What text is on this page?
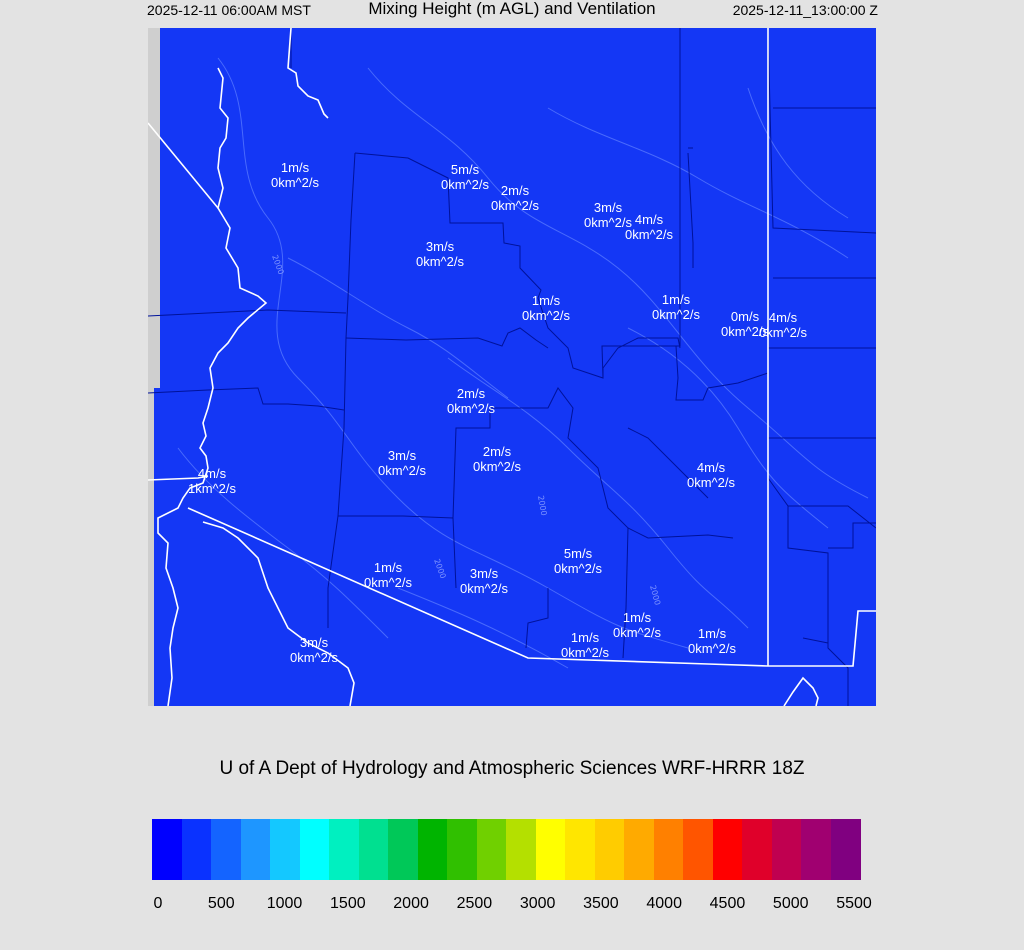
2025-12-11 06:00AM MST	Mixing Height (m AGL) and Ventilation	2025-12-11_13:00:00 Z
2000
2000
2000
2000
1m/s
0km^2/s
5m/s
0km^2/s 2m/s
0km^2/s	3m/s
0km^2/s 4m/s
0km^2/s
3m/s
0km^2/s
1m/s
0km^2/s
1m/s
0km^2/s	0m/s
0km^2/s
4m/s
0km^2/s
2m/s
0km^2/s
3m/s
0km^2/s
2m/s
0km^2/s
4m/s
1km^2/s
4m/s
0km^2/s
1m/s
0km^2/s
5m/s
0km^2/s
3m/s
0km^2/s
1m/s
0km^2/s
1m/s
0km^2/s
1m/s
0km^2/s
3m/s
0km^2/s
U of A Dept of Hydrology and Atmospheric Sciences WRF-HRRR 18Z
0	500 1000 1500 2000 2500 3000 3500 4000 4500 5000 5500
